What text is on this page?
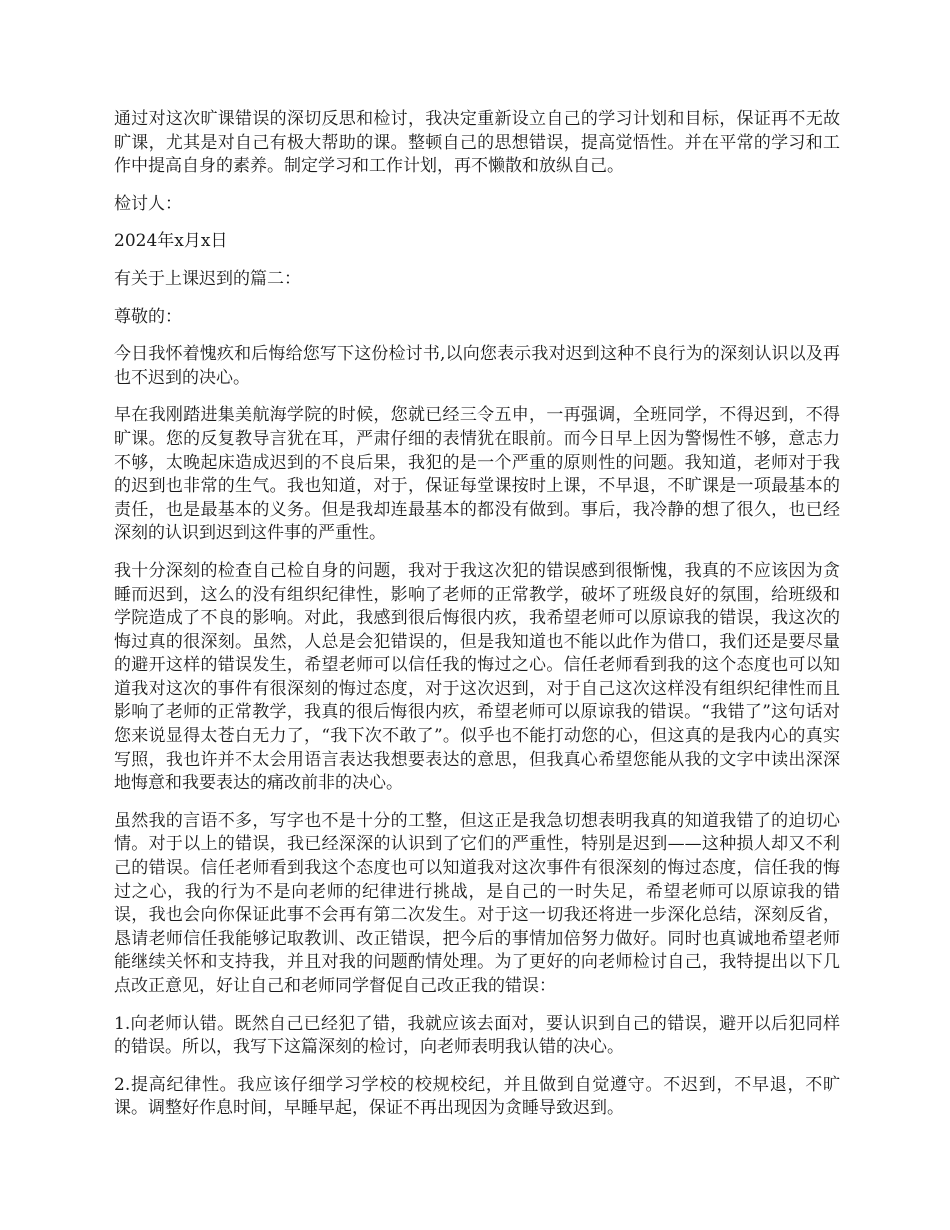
通过对这次旷课错误的深切反思和检讨，我决定重新设立自己的学习计划和目标，保证再不无故旷课，尤其是对自己有极大帮助的课。整顿自己的思想错误，提高觉悟性。并在平常的学习和工作中提高自身的素养。制定学习和工作计划，再不懒散和放纵自己。

检讨人：

2024年x月x日

有关于上课迟到的篇二：

尊敬的：

今日我怀着愧疚和后悔给您写下这份检讨书,以向您表示我对迟到这种不良行为的深刻认识以及再也不迟到的决心。

早在我刚踏进集美航海学院的时候，您就已经三令五申，一再强调，全班同学，不得迟到，不得旷课。您的反复教导言犹在耳，严肃仔细的表情犹在眼前。而今日早上因为警惕性不够，意志力不够，太晚起床造成迟到的不良后果，我犯的是一个严重的原则性的问题。我知道，老师对于我的迟到也非常的生气。我也知道，对于，保证每堂课按时上课，不早退，不旷课是一项最基本的责任，也是最基本的义务。但是我却连最基本的都没有做到。事后，我冷静的想了很久，也已经深刻的认识到迟到这件事的严重性。

我十分深刻的检查自己检自身的问题，我对于我这次犯的错误感到很惭愧，我真的不应该因为贪睡而迟到，这么的没有组织纪律性，影响了老师的正常教学，破坏了班级良好的氛围，给班级和学院造成了不良的影响。对此，我感到很后悔很内疚，我希望老师可以原谅我的错误，我这次的悔过真的很深刻。虽然，人总是会犯错误的，但是我知道也不能以此作为借口，我们还是要尽量的避开这样的错误发生，希望老师可以信任我的悔过之心。信任老师看到我的这个态度也可以知道我对这次的事件有很深刻的悔过态度，对于这次迟到，对于自己这次这样没有组织纪律性而且影响了老师的正常教学，我真的很后悔很内疚，希望老师可以原谅我的错误。“我错了”这句话对您来说显得太苍白无力了，“我下次不敢了”。似乎也不能打动您的心，但这真的是我内心的真实写照，我也许并不太会用语言表达我想要表达的意思，但我真心希望您能从我的文字中读出深深地悔意和我要表达的痛改前非的决心。

虽然我的言语不多，写字也不是十分的工整，但这正是我急切想表明我真的知道我错了的迫切心情。对于以上的错误，我已经深深的认识到了它们的严重性，特别是迟到——这种损人却又不利己的错误。信任老师看到我这个态度也可以知道我对这次事件有很深刻的悔过态度，信任我的悔过之心，我的行为不是向老师的纪律进行挑战，是自己的一时失足，希望老师可以原谅我的错误，我也会向你保证此事不会再有第二次发生。对于这一切我还将进一步深化总结，深刻反省，恳请老师信任我能够记取教训、改正错误，把今后的事情加倍努力做好。同时也真诚地希望老师能继续关怀和支持我，并且对我的问题酌情处理。为了更好的向老师检讨自己，我特提出以下几点改正意见，好让自己和老师同学督促自己改正我的错误：

1.向老师认错。既然自己已经犯了错，我就应该去面对，要认识到自己的错误，避开以后犯同样的错误。所以，我写下这篇深刻的检讨，向老师表明我认错的决心。

2.提高纪律性。我应该仔细学习学校的校规校纪，并且做到自觉遵守。不迟到，不早退，不旷课。调整好作息时间，早睡早起，保证不再出现因为贪睡导致迟到。
